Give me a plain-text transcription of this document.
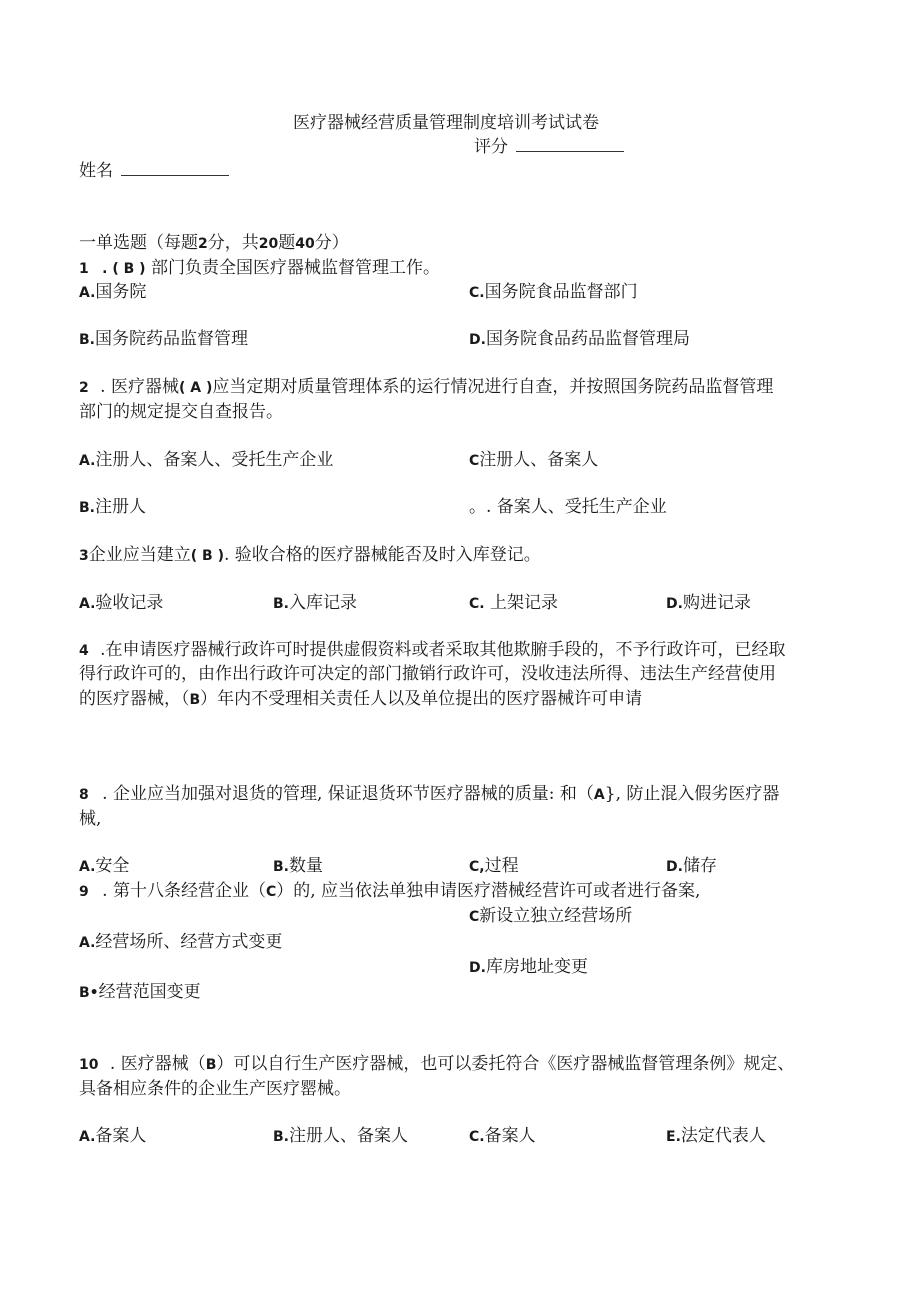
医疗器械经营质量管理制度培训考试试卷
评分
姓名
一单选题（每题2分，共20题40分）
1 . ( B ) 部门负责全国医疗器械监督管理工作。
A.国务院	C.国务院食品监督部门
B.国务院药品监督管理	D.国务院食品药品监督管理局
2 . 医疗器械( A )应当定期对质量管理体系的运行情况进行自查，并按照国务院药品监督管理
部门的规定提交自查报告。
A.注册人、备案人、受托生产企业	C注册人、备案人
B.注册人	。. 备案人、受托生产企业
3企业应当建立( B ). 验收合格的医疗器械能否及时入库登记。
A.验收记录	B.入库记录	C. 上架记录	D.购进记录
4 .在申请医疗器械行政许可时提供虚假资料或者采取其他欺腑手段的，不予行政许可，已经取
得行政许可的，由作出行政许可决定的部门撤销行政许可，没收违法所得、违法生产经营使用
的医疗器械，（B）年内不受理相关责任人以及单位提出的医疗器械许可申请
8 . 企业应当加强对退货的管理, 保证退货环节医疗器械的质量: 和（A}, 防止混入假劣医疗器
械,
A.安全	B.数量	C,过程	D.储存
9 . 第十八条经营企业（C）的, 应当依法单独申请医疗潜械经营许可或者进行备案,
C新设立独立经营场所
A.经营场所、经营方式变更
D.库房地址变更
B•经营范国变更
10 . 医疗器械（B）可以自行生产医疗器械，也可以委托符合《医疗器械监督管理条例》规定、
具备相应条件的企业生产医疗罂械。
A.备案人	B.注册人、备案人	C.备案人	E.法定代表人
